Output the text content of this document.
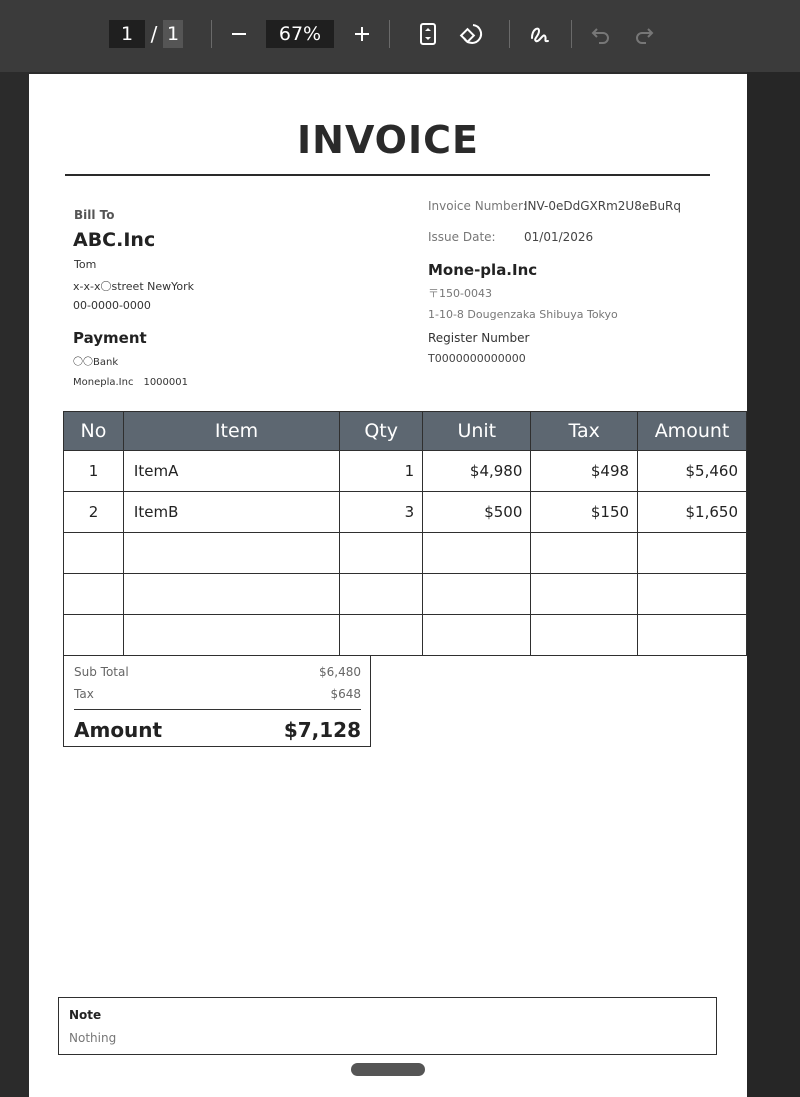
1 / 1	67%
INVOICE
Bill To
ABC.Inc
Tom
x-x-x〇street NewYork
00-0000-0000
Payment
〇〇Bank
Monepla.Inc　1000001
Invoice Number:
INV-0eDdGXRm2U8eBuRq
Issue Date: 01/01/2026
Mone-pla.Inc
〒150-0043
1-10-8 Dougenzaka Shibuya Tokyo
Register Number
T0000000000000
No	Item	Qty	Unit	Tax	Amount
1	ItemA	1	$4,980	$498	$5,460
2	ItemB	3	$500	$150	$1,650

Sub Total	$6,480
Tax	$648
Amount	$7,128
Note
Nothing
